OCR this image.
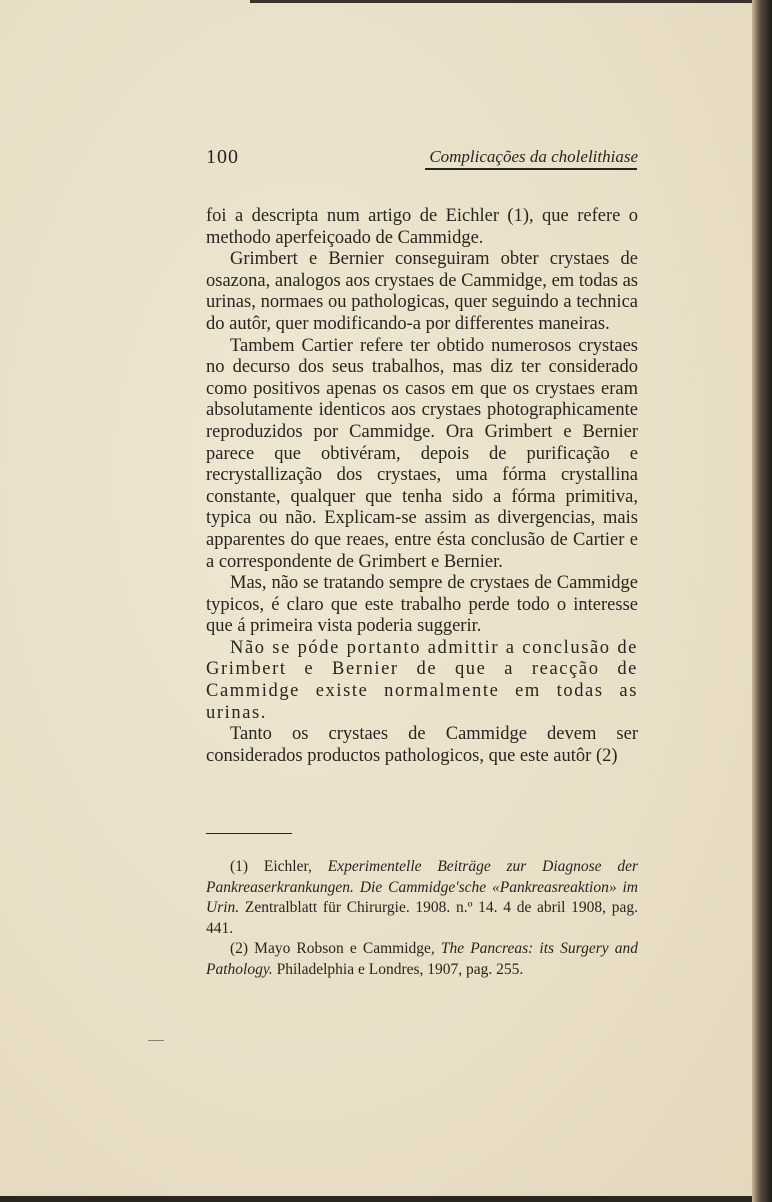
100	Complicações da cholelithiase

foi a descripta num artigo de Eichler (1), que refere o methodo aperfeiçoado de Cammidge.

Grimbert e Bernier conseguiram obter crystaes de osazona, analogos aos crystaes de Cammidge, em todas as urinas, normaes ou pathologicas, quer seguindo a technica do autôr, quer modificando-a por differentes maneiras.

Tambem Cartier refere ter obtido numerosos crystaes no decurso dos seus trabalhos, mas diz ter considerado como positivos apenas os casos em que os crystaes eram absolutamente identicos aos crystaes photographicamente reproduzidos por Cammidge. Ora Grimbert e Bernier parece que obtivéram, depois de purificação e recrystallização dos crystaes, uma fórma crystallina constante, qualquer que tenha sido a fórma primitiva, typica ou não. Explicam-se assim as divergencias, mais apparentes do que reaes, entre ésta conclusão de Cartier e a correspondente de Grimbert e Bernier.

Mas, não se tratando sempre de crystaes de Cammidge typicos, é claro que este trabalho perde todo o interesse que á primeira vista poderia suggerir.

Não se póde portanto admittir a conclusão de Grimbert e Bernier de que a reacção de Cammidge existe normalmente em todas as urinas.

Tanto os crystaes de Cammidge devem ser considerados productos pathologicos, que este autôr (2)

(1) Eichler, Experimentelle Beiträge zur Diagnose der Pankreaserkrankungen. Die Cammidge'sche «Pankreasreaktion» im Urin. Zentralblatt für Chirurgie. 1908. n.º 14. 4 de abril 1908, pag. 441.

(2) Mayo Robson e Cammidge, The Pancreas: its Surgery and Pathology. Philadelphia e Londres, 1907, pag. 255.
